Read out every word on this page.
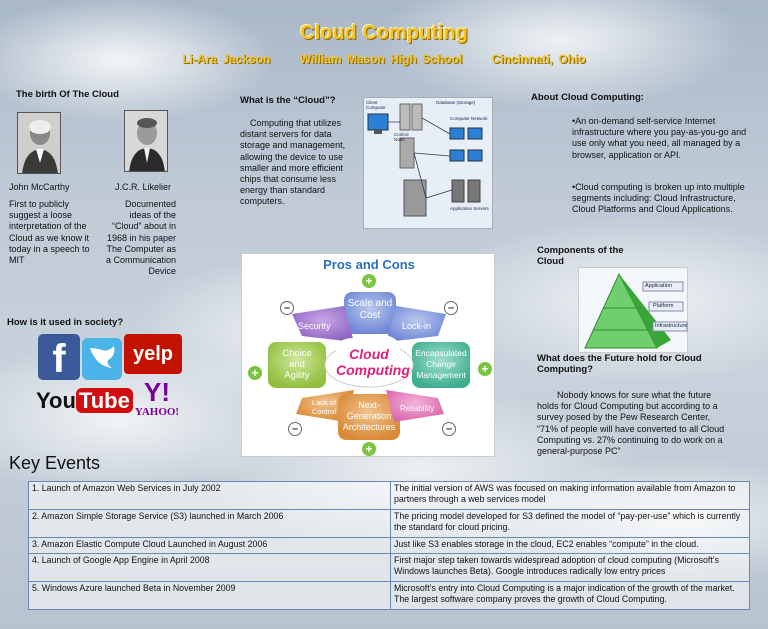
Cloud Computing
Li-Ara Jackson William Mason High School Cincinnati, Ohio
The birth Of The Cloud
John McCarthy	J.C.R. Likelier
First to publicly suggest a loose interpretation of the Cloud as we know it today in a speech to MIT
Documented ideas of the “Cloud” about in 1968 in his paper The Computer as a Communication Device
What is the “Cloud”?
Computing that utilizes distant servers for data storage and management, allowing the device to use smaller and more efficient chips that consume less energy than standard computers.
Client Computer
Database (Storage)
Control Node
Computer Network
Application Servers
About Cloud Computing:
•An on-demand self-service Internet infrastructure where you pay-as-you-go and use only what you need, all managed by a browser, application or API.
•Cloud computing is broken up into multiple segments including: Cloud Infrastructure, Cloud Platforms and Cloud Applications.
Components of the Cloud
Application
Platform
Infrastructure
Pros and Cons
Cloud
Computing
Scale and
Cost
Security	Lock-in
Choice
and
Agility
Encapsulated
Change
Management
Lack of
Control
Next-
Generation
Architectures
Reliability
+
–	–
+	+
–	–
+
How is it used in society?
f	yelp
You Tube Y!
YAHOO!
What does the Future hold for Cloud Computing?
Nobody knows for sure what the future holds for Cloud Computing but according to a survey posed by the Pew Research Center, “71% of people will have converted to all Cloud Computing vs. 27% continuing to do work on a general-purpose PC”
Key Events
1. Launch of Amazon Web Services in July 2002	The initial version of AWS was focused on making information available from Amazon to partners through a web services model
2. Amazon Simple Storage Service (S3) launched in March 2006	The pricing model developed for S3 defined the model of “pay-per-use” which is currently the standard for cloud pricing.
3. Amazon Elastic Compute Cloud Launched in August 2006	Just like S3 enables storage in the cloud, EC2 enables “compute” in the cloud.
4. Launch of Google App Engine in April 2008	First major step taken towards widespread adoption of cloud computing (Microsoft’s Windows launches Beta). Google introduces radically low entry prices
5. Windows Azure launched Beta in November 2009	Microsoft’s entry into Cloud Computing is a major indication of the growth of the market. The largest software company proves the growth of Cloud Computing.
